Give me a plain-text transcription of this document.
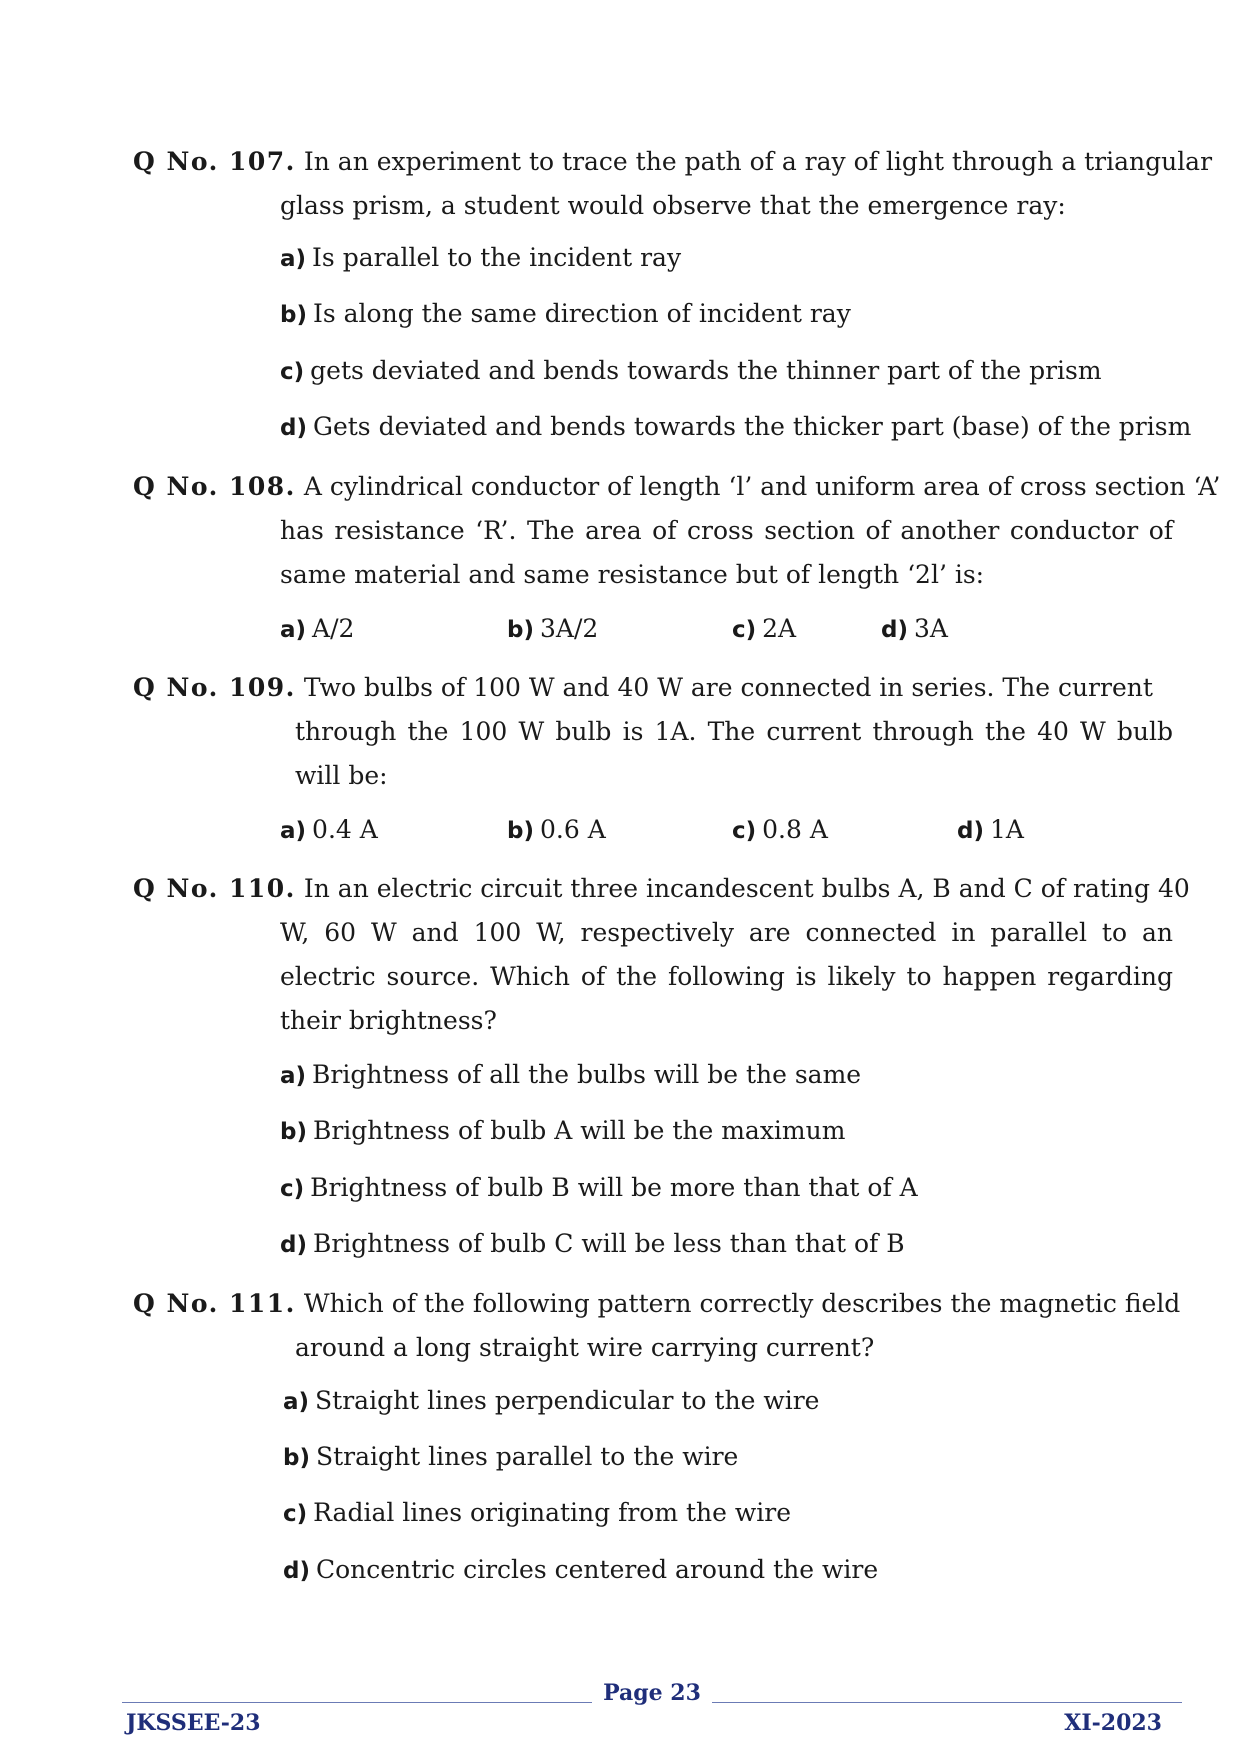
Q No. 107. In an experiment to trace the path of a ray of light through a triangular
glass prism, a student would observe that the emergence ray:
a) Is parallel to the incident ray
b) Is along the same direction of incident ray
c) gets deviated and bends towards the thinner part of the prism
d) Gets deviated and bends towards the thicker part (base) of the prism
Q No. 108. A cylindrical conductor of length ‘l’ and uniform area of cross section ‘A’
has resistance ‘R’. The area of cross section of another conductor of same material and same resistance but of length ‘2l’ is:
a) A/2	b) 3A/2	c) 2A	d) 3A
Q No. 109. Two bulbs of 100 W and 40 W are connected in series. The current
through the 100 W bulb is 1A. The current through the 40 W bulb will be:
a) 0.4 A	b) 0.6 A	c) 0.8 A	d) 1A
Q No. 110. In an electric circuit three incandescent bulbs A, B and C of rating 40
W, 60 W and 100 W, respectively are connected in parallel to an electric source. Which of the following is likely to happen regarding their brightness?
a) Brightness of all the bulbs will be the same
b) Brightness of bulb A will be the maximum
c) Brightness of bulb B will be more than that of A
d) Brightness of bulb C will be less than that of B
Q No. 111. Which of the following pattern correctly describes the magnetic field
around a long straight wire carrying current?
a) Straight lines perpendicular to the wire
b) Straight lines parallel to the wire
c) Radial lines originating from the wire
d) Concentric circles centered around the wire
Page 23
JKSSEE-23	XI-2023
